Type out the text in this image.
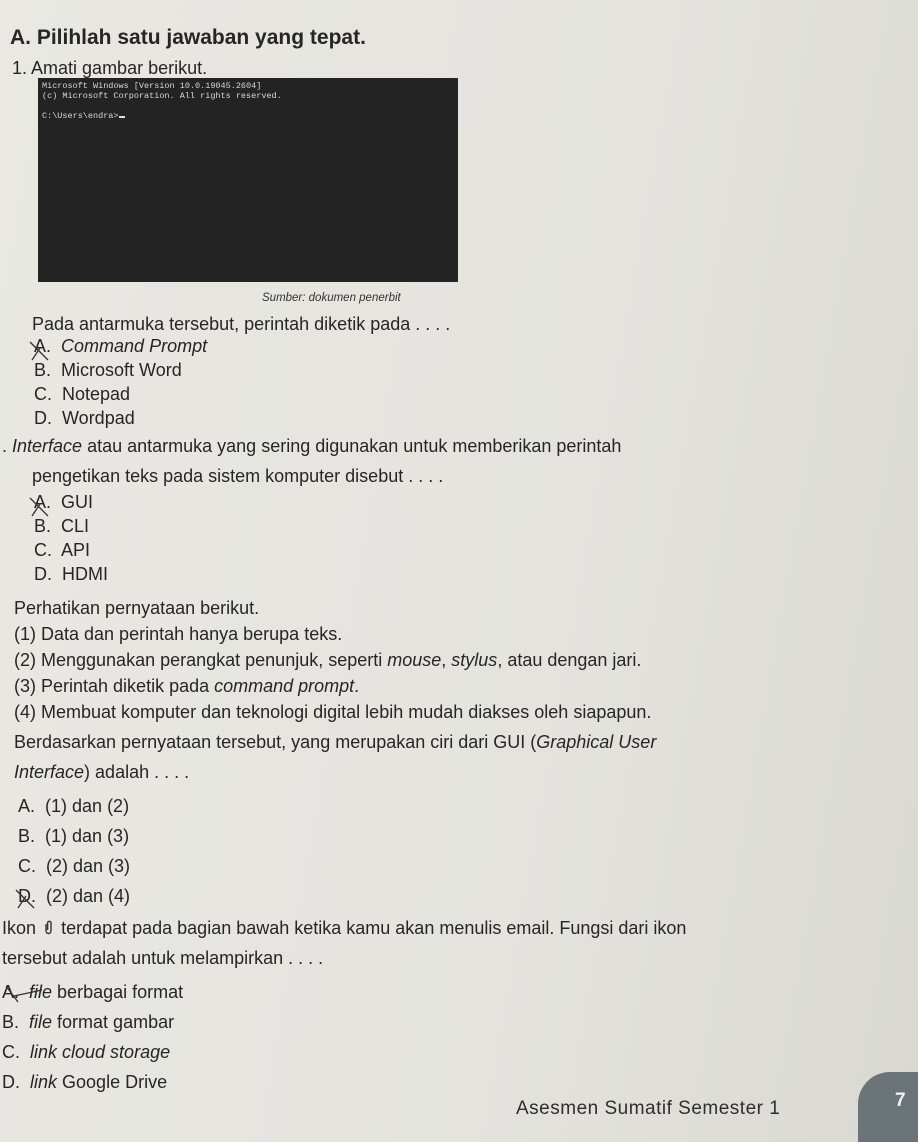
A. Pilihlah satu jawaban yang tepat.
1. Amati gambar berikut.
Microsoft Windows [Version 10.0.19045.2604]
(c) Microsoft Corporation. All rights reserved.

C:\Users\endra>
Sumber: dokumen penerbit
Pada antarmuka tersebut, perintah diketik pada . . . .
A. Command Prompt
B. Microsoft Word
C. Notepad
D. Wordpad
. Interface atau antarmuka yang sering digunakan untuk memberikan perintah
pengetikan teks pada sistem komputer disebut . . . .
A. GUI
B. CLI
C. API
D. HDMI
Perhatikan pernyataan berikut.
(1) Data dan perintah hanya berupa teks.
(2) Menggunakan perangkat penunjuk, seperti mouse, stylus, atau dengan jari.
(3) Perintah diketik pada command prompt.
(4) Membuat komputer dan teknologi digital lebih mudah diakses oleh siapapun.
Berdasarkan pernyataan tersebut, yang merupakan ciri dari GUI (Graphical User
Interface) adalah . . . .
A. (1) dan (2)
B. (1) dan (3)
C. (2) dan (3)
D. (2) dan (4)
Ikon terdapat pada bagian bawah ketika kamu akan menulis email. Fungsi dari ikon
tersebut adalah untuk melampirkan . . . .
A. file berbagai format
B. file format gambar
C. link cloud storage
D. link Google Drive
Asesmen Sumatif Semester 1	7
